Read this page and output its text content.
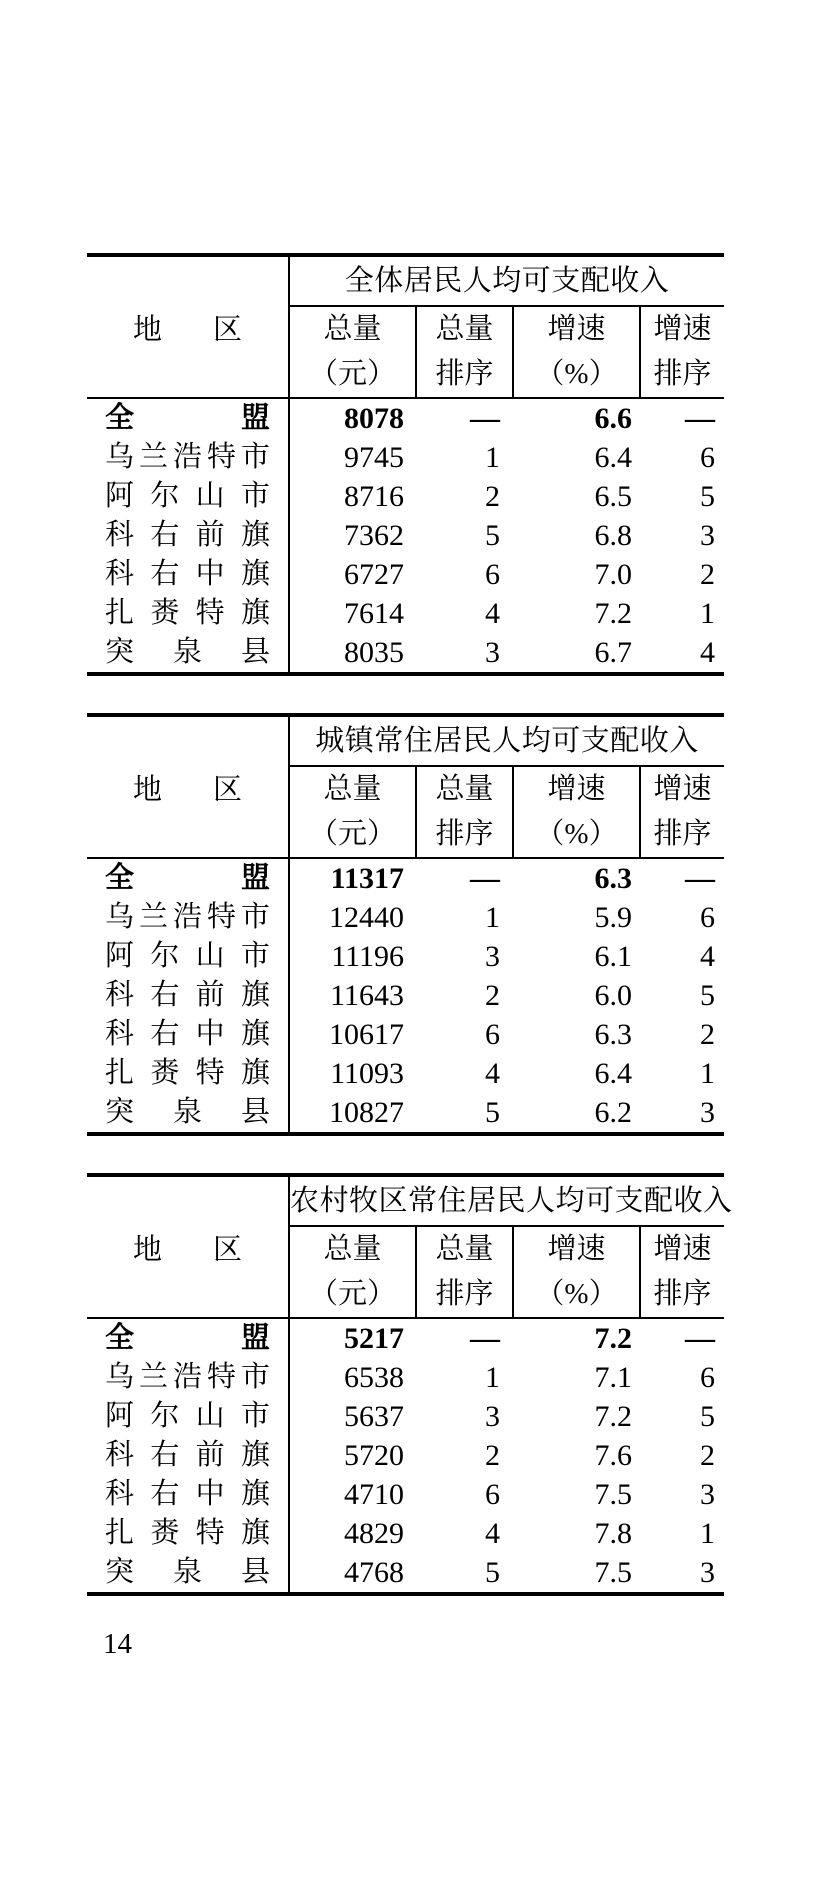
地 区	全体居民人均可支配收入			

总量
（元）

总量
排序

增速
（%）

增速
排序

全 盟	8078	—	6.6	—

乌 兰 浩 特 市	9745	1	6.4	6

阿 尔 山 市	8716	2	6.5	5

科 右 前 旗	7362	5	6.8	3

科 右 中 旗	6727	6	7.0	2

扎 赉 特 旗	7614	4	7.2	1

突 泉 县	8035	3	6.7	4
地 区	城镇常住居民人均可支配收入			

总量
（元）

总量
排序

增速
（%）

增速
排序

全 盟	11317	—	6.3	—

乌 兰 浩 特 市	12440	1	5.9	6

阿 尔 山 市	11196	3	6.1	4

科 右 前 旗	11643	2	6.0	5

科 右 中 旗	10617	6	6.3	2

扎 赉 特 旗	11093	4	6.4	1

突 泉 县	10827	5	6.2	3
地 区	农村牧区常住居民人均可支配收入			

总量
（元）

总量
排序

增速
（%）

增速
排序

全 盟	5217	—	7.2	—

乌 兰 浩 特 市	6538	1	7.1	6

阿 尔 山 市	5637	3	7.2	5

科 右 前 旗	5720	2	7.6	2

科 右 中 旗	4710	6	7.5	3

扎 赉 特 旗	4829	4	7.8	1

突 泉 县	4768	5	7.5	3
14
